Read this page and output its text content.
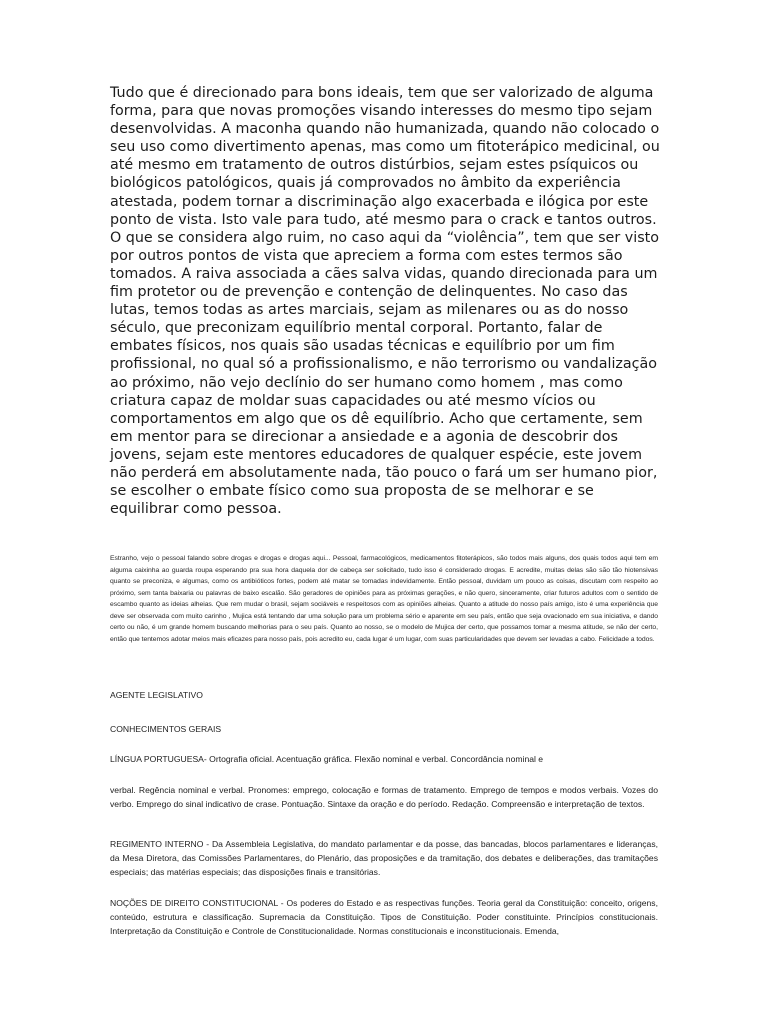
Tudo que é direcionado para bons ideais, tem que ser valorizado de alguma forma, para que novas promoções visando interesses do mesmo tipo sejam desenvolvidas. A maconha quando não humanizada, quando não colocado o seu uso como divertimento apenas, mas como um fitoterápico medicinal, ou até mesmo em tratamento de outros distúrbios, sejam estes psíquicos ou biológicos patológicos, quais já comprovados no âmbito da experiência atestada, podem tornar a discriminação algo exacerbada e ilógica por este ponto de vista. Isto vale para tudo, até mesmo para o crack e tantos outros. O que se considera algo ruim, no caso aqui da “violência”, tem que ser visto por outros pontos de vista que apreciem a forma com estes termos são tomados. A raiva associada a cães salva vidas, quando direcionada para um fim protetor ou de prevenção e contenção de delinquentes. No caso das lutas, temos todas as artes marciais, sejam as milenares ou as do nosso século, que preconizam equilíbrio mental corporal. Portanto, falar de embates físicos, nos quais são usadas técnicas e equilíbrio por um fim profissional, no qual só a profissionalismo, e não terrorismo ou vandalização ao próximo, não vejo declínio do ser humano como homem , mas como criatura capaz de moldar suas capacidades ou até mesmo vícios ou comportamentos em algo que os dê equilíbrio. Acho que certamente, sem em mentor para se direcionar a ansiedade e a agonia de descobrir dos jovens, sejam este mentores educadores de qualquer espécie, este jovem não perderá em absolutamente nada, tão pouco o fará um ser humano pior, se escolher o embate físico como sua proposta de se melhorar e se equilibrar como pessoa.

Estranho, vejo o pessoal falando sobre drogas e drogas e drogas aqui... Pessoal, farmacológicos, medicamentos fitoterápicos, são todos mais alguns, dos quais todos aqui tem em alguma caixinha ao guarda roupa esperando pra sua hora daquela dor de cabeça ser solicitado, tudo isso é considerado drogas. E acredite, muitas delas são são tão hiotensivas quanto se preconiza, e algumas, como os antibióticos fortes, podem até matar se tomadas indevidamente. Então pessoal, duvidam um pouco as coisas, discutam com respeito ao próximo, sem tanta baixaria ou palavras de baixo escalão. São geradores de opiniões para as próximas gerações, e não quero, sinceramente, criar futuros adultos com o sentido de escambo quanto as ideias alheias. Que rem mudar o brasil, sejam sociáveis e respeitosos com as opiniões alheias. Quanto a atitude do nosso país amigo, isto é uma experiência que deve ser observada com muito carinho , Mujica está tentando dar uma solução para um problema sério e aparente em seu país, então que seja ovacionado em sua iniciativa, e dando certo ou não, é um grande homem buscando melhorias para o seu país. Quanto ao nosso, se o modelo de Mujica der certo, que possamos tomar a mesma atitude, se não der certo, então que tentemos adotar meios mais eficazes para nosso país, pois acredito eu, cada lugar é um lugar, com suas particularidades que devem ser levadas a cabo. Felicidade a todos.

AGENTE LEGISLATIVO

CONHECIMENTOS GERAIS

LÍNGUA PORTUGUESA- Ortografia oficial. Acentuação gráfica. Flexão nominal e verbal. Concordância nominal e

verbal. Regência nominal e verbal. Pronomes: emprego, colocação e formas de tratamento. Emprego de tempos e modos verbais. Vozes do verbo. Emprego do sinal indicativo de crase. Pontuação. Sintaxe da oração e do período. Redação. Compreensão e interpretação de textos.

REGIMENTO INTERNO - Da Assembleia Legislativa, do mandato parlamentar e da posse, das bancadas, blocos parlamentares e lideranças, da Mesa Diretora, das Comissões Parlamentares, do Plenário, das proposições e da tramitação, dos debates e deliberações, das tramitações especiais; das matérias especiais; das disposições finais e transitórias.

NOÇÕES DE DIREITO CONSTITUCIONAL - Os poderes do Estado e as respectivas funções. Teoria geral da Constituição: conceito, origens, conteúdo, estrutura e classificação. Supremacia da Constituição. Tipos de Constituição. Poder constituinte. Princípios constitucionais. Interpretação da Constituição e Controle de Constitucionalidade. Normas constitucionais e inconstitucionais. Emenda,
